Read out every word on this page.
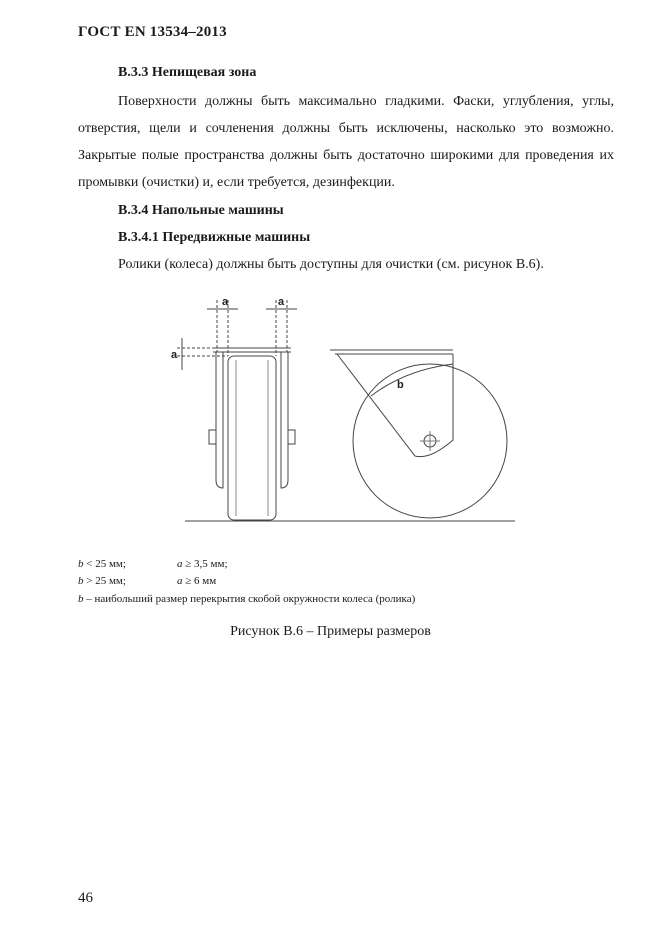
ГОСТ EN 13534–2013
B.3.3 Непищевая зона
Поверхности должны быть максимально гладкими. Фаски, углубления, углы, отверстия, щели и сочленения должны быть исключены, насколько это возможно. Закрытые полые пространства должны быть достаточно широкими для проведения их промывки (очистки) и, если требуется, дезинфекции.
B.3.4 Напольные машины
B.3.4.1 Передвижные машины
Ролики (колеса) должны быть доступны для очистки (см. рисунок B.6).
a	a
a
b
b < 25 мм;	a ≥ 3,5 мм;
b > 25 мм;	a ≥ 6 мм
b – наибольший размер перекрытия скобой окружности колеса (ролика)
Рисунок B.6 – Примеры размеров
46
